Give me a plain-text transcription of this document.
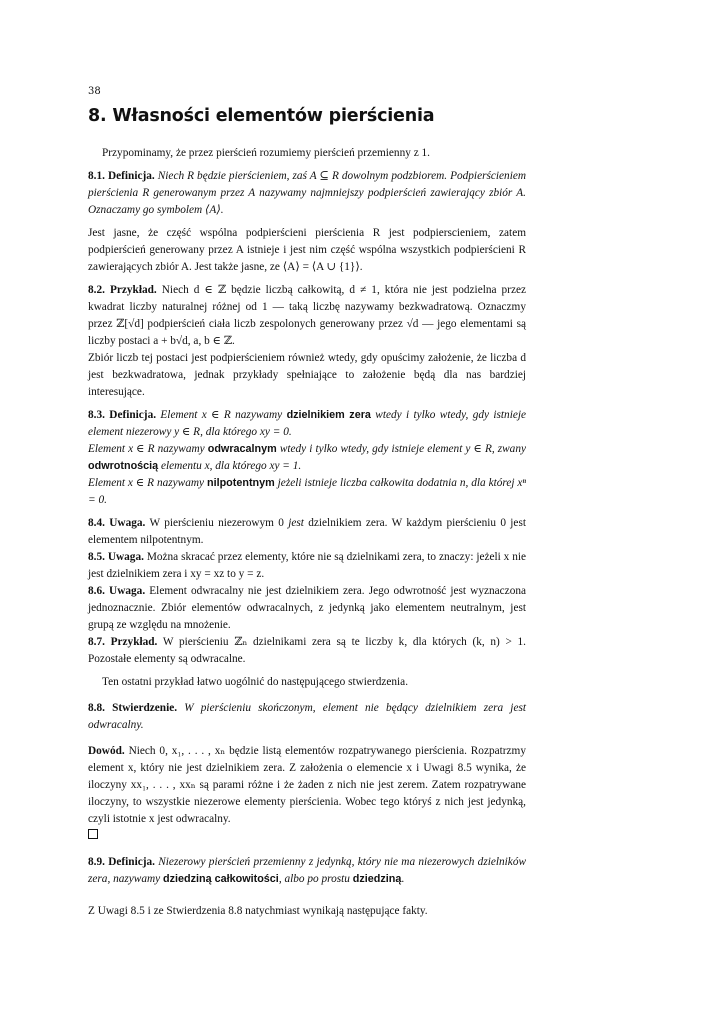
38
8. Własności elementów pierścienia

Przypominamy, że przez pierścień rozumiemy pierścień przemienny z 1.

8.1. Definicja. Niech R będzie pierścieniem, zaś A ⊆ R dowolnym podzbiorem. Podpierścieniem pierścienia R generowanym przez A nazywamy najmniejszy podpierścień zawierający zbiór A. Oznaczamy go symbolem ⟨A⟩.

Jest jasne, że część wspólna podpierścieni pierścienia R jest podpierscieniem, zatem podpierścień generowany przez A istnieje i jest nim część wspólna wszystkich podpierścieni R zawierających zbiór A. Jest także jasne, ze ⟨A⟩ = ⟨A ∪ {1}⟩.

8.2. Przykład. Niech d ∈ ℤ będzie liczbą całkowitą, d ≠ 1, która nie jest podzielna przez kwadrat liczby naturalnej różnej od 1 — taką liczbę nazywamy bezkwadratową. Oznaczmy przez ℤ[√d] podpierścień ciała liczb zespolonych generowany przez √d — jego elementami są liczby postaci a + b√d, a, b ∈ ℤ.

Zbiór liczb tej postaci jest podpierścieniem również wtedy, gdy opuścimy założenie, że liczba d jest bezkwadratowa, jednak przykłady spełniające to założenie będą dla nas bardziej interesujące.

8.3. Definicja. Element x ∈ R nazywamy dzielnikiem zera wtedy i tylko wtedy, gdy istnieje element niezerowy y ∈ R, dla którego xy = 0.

Element x ∈ R nazywamy odwracalnym wtedy i tylko wtedy, gdy istnieje element y ∈ R, zwany odwrotnością elementu x, dla którego xy = 1.

Element x ∈ R nazywamy nilpotentnym jeżeli istnieje liczba całkowita dodatnia n, dla której xⁿ = 0.

8.4. Uwaga. W pierścieniu niezerowym 0 jest dzielnikiem zera. W każdym pierścieniu 0 jest elementem nilpotentnym.

8.5. Uwaga. Można skracać przez elementy, które nie są dzielnikami zera, to znaczy: jeżeli x nie jest dzielnikiem zera i xy = xz to y = z.

8.6. Uwaga. Element odwracalny nie jest dzielnikiem zera. Jego odwrotność jest wyznaczona jednoznacznie. Zbiór elementów odwracalnych, z jedynką jako elementem neutralnym, jest grupą ze względu na mnożenie.

8.7. Przykład. W pierścieniu ℤₙ dzielnikami zera są te liczby k, dla których (k, n) > 1. Pozostałe elementy są odwracalne.

Ten ostatni przykład łatwo uogólnić do następującego stwierdzenia.

8.8. Stwierdzenie. W pierścieniu skończonym, element nie będący dzielnikiem zera jest odwracalny.

Dowód. Niech 0, x₁, . . . , xₙ będzie listą elementów rozpatrywanego pierścienia. Rozpatrzmy element x, który nie jest dzielnikiem zera. Z założenia o elemencie x i Uwagi 8.5 wynika, że iloczyny xx₁, . . . , xxₙ są parami różne i że żaden z nich nie jest zerem. Zatem rozpatrywane iloczyny, to wszystkie niezerowe elementy pierścienia. Wobec tego któryś z nich jest jedynką, czyli istotnie x jest odwracalny.

8.9. Definicja. Niezerowy pierścień przemienny z jedynką, który nie ma niezerowych dzielników zera, nazywamy dziedziną całkowitości, albo po prostu dziedziną.

Z Uwagi 8.5 i ze Stwierdzenia 8.8 natychmiast wynikają następujące fakty.
